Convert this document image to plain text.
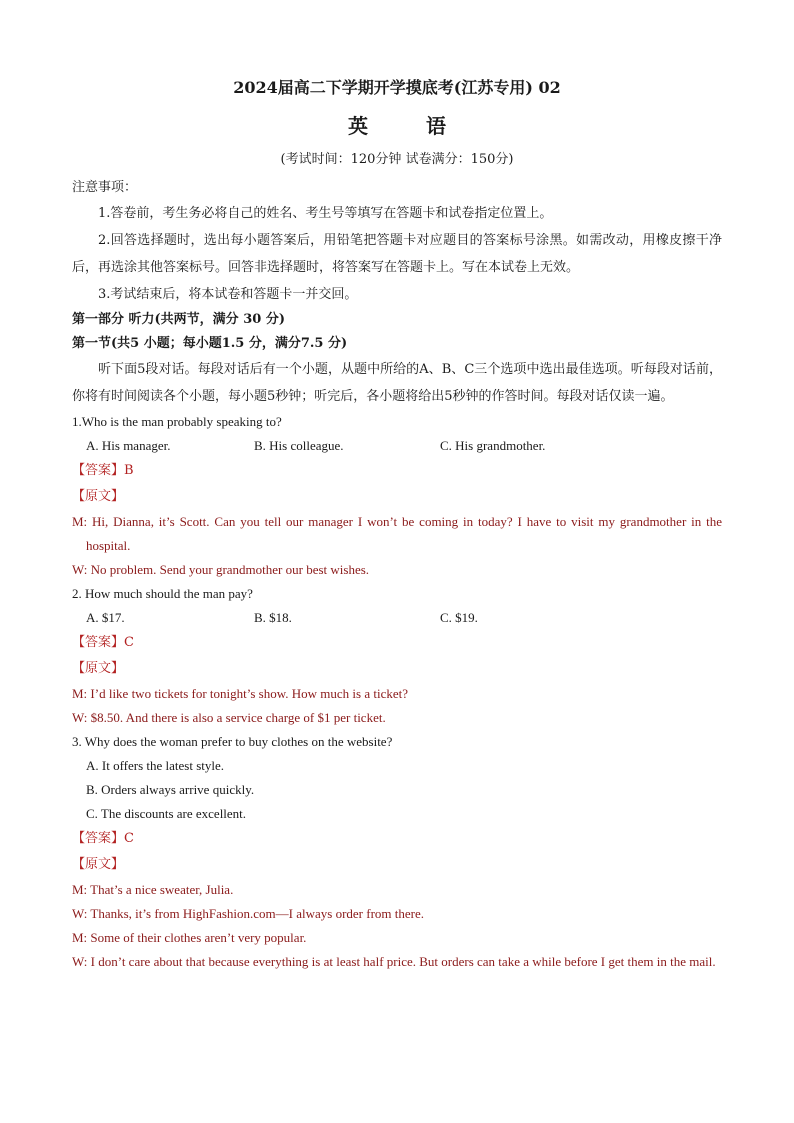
2024届高二下学期开学摸底考(江苏专用) 02

英	语

(考试时间：120分钟 试卷满分：150分)

注意事项：

1.答卷前，考生务必将自己的姓名、考生号等填写在答题卡和试卷指定位置上。

2.回答选择题时，选出每小题答案后，用铅笔把答题卡对应题目的答案标号涂黑。如需改动，用橡皮擦干净后，再选涂其他答案标号。回答非选择题时，将答案写在答题卡上。写在本试卷上无效。

3.考试结束后，将本试卷和答题卡一并交回。

第一部分 听力(共两节，满分 30 分)

第一节(共5 小题；每小题1.5 分，满分7.5 分)

听下面5段对话。每段对话后有一个小题，从题中所给的A、B、C三个选项中选出最佳选项。听每段对话前，你将有时间阅读各个小题，每小题5秒钟；听完后，各小题将给出5秒钟的作答时间。每段对话仅读一遍。

1.Who is the man probably speaking to?

A. His manager.	B. His colleague.	C. His grandmother.

【答案】B

【原文】

M: Hi, Dianna, it’s Scott. Can you tell our manager I won’t be coming in today? I have to visit my grandmother in the hospital.

W: No problem. Send your grandmother our best wishes.

2. How much should the man pay?

A. $17.	B. $18.	C. $19.

【答案】C

【原文】

M: I’d like two tickets for tonight’s show. How much is a ticket?

W: $8.50. And there is also a service charge of $1 per ticket.

3. Why does the woman prefer to buy clothes on the website?

A. It offers the latest style.

B. Orders always arrive quickly.

C. The discounts are excellent.

【答案】C

【原文】

M: That’s a nice sweater, Julia.

W: Thanks, it’s from HighFashion.com—I always order from there.

M: Some of their clothes aren’t very popular.

W: I don’t care about that because everything is at least half price. But orders can take a while before I get them in the mail.
